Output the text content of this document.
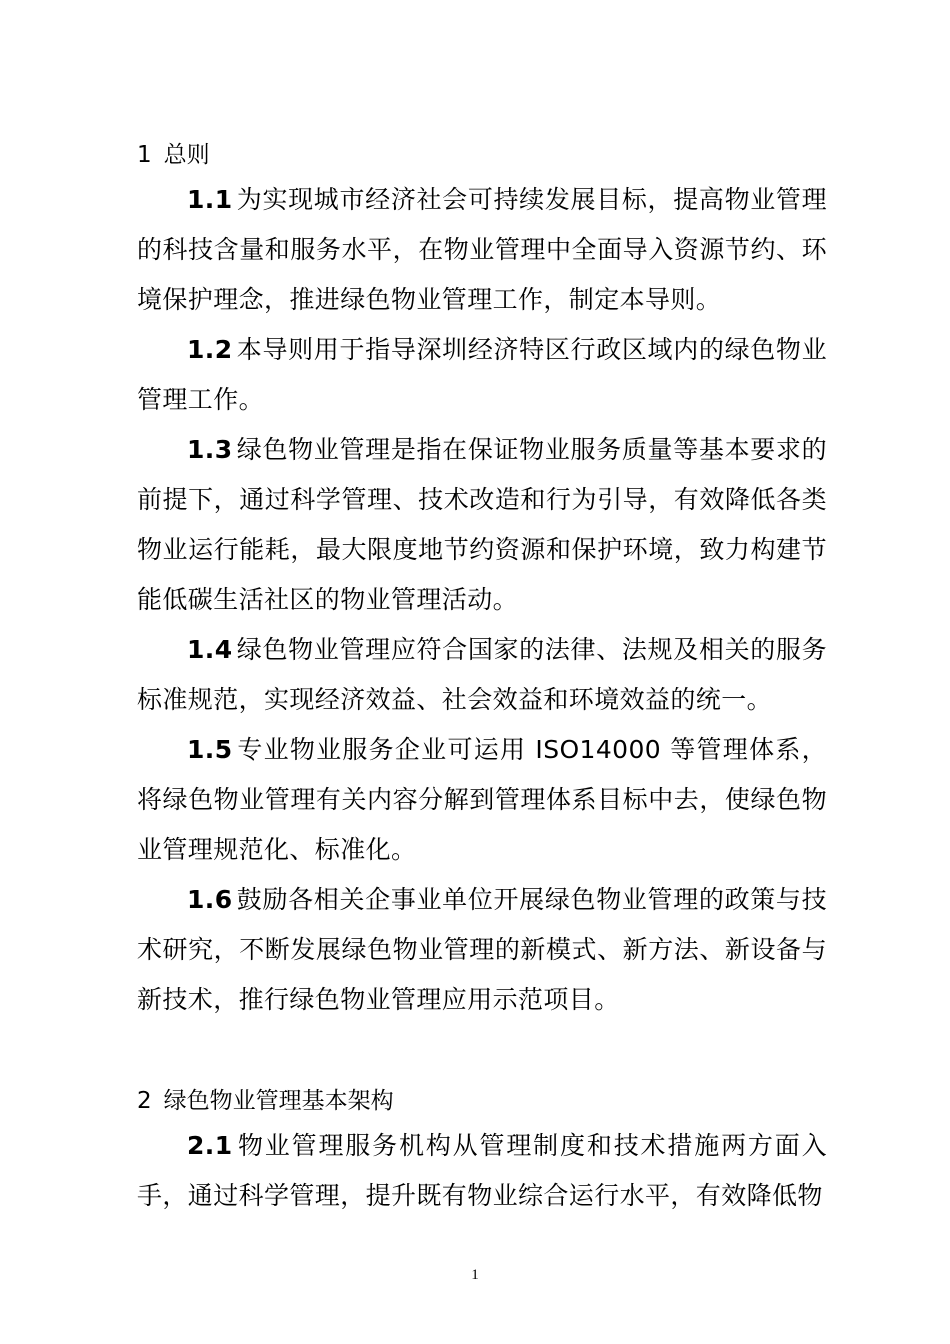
1 总则
1.1 为实现城市经济社会可持续发展目标，提高物业管理的科技含量和服务水平，在物业管理中全面导入资源节约、环境保护理念，推进绿色物业管理工作，制定本导则。
1.2 本导则用于指导深圳经济特区行政区域内的绿色物业管理工作。
1.3 绿色物业管理是指在保证物业服务质量等基本要求的前提下，通过科学管理、技术改造和行为引导，有效降低各类物业运行能耗，最大限度地节约资源和保护环境，致力构建节能低碳生活社区的物业管理活动。
1.4 绿色物业管理应符合国家的法律、法规及相关的服务标准规范，实现经济效益、社会效益和环境效益的统一。
1.5 专业物业服务企业可运用 ISO14000 等管理体系，将绿色物业管理有关内容分解到管理体系目标中去，使绿色物业管理规范化、标准化。
1.6 鼓励各相关企事业单位开展绿色物业管理的政策与技术研究，不断发展绿色物业管理的新模式、新方法、新设备与新技术，推行绿色物业管理应用示范项目。
2 绿色物业管理基本架构
2.1 物业管理服务机构从管理制度和技术措施两方面入手，通过科学管理，提升既有物业综合运行水平，有效降低物
1
